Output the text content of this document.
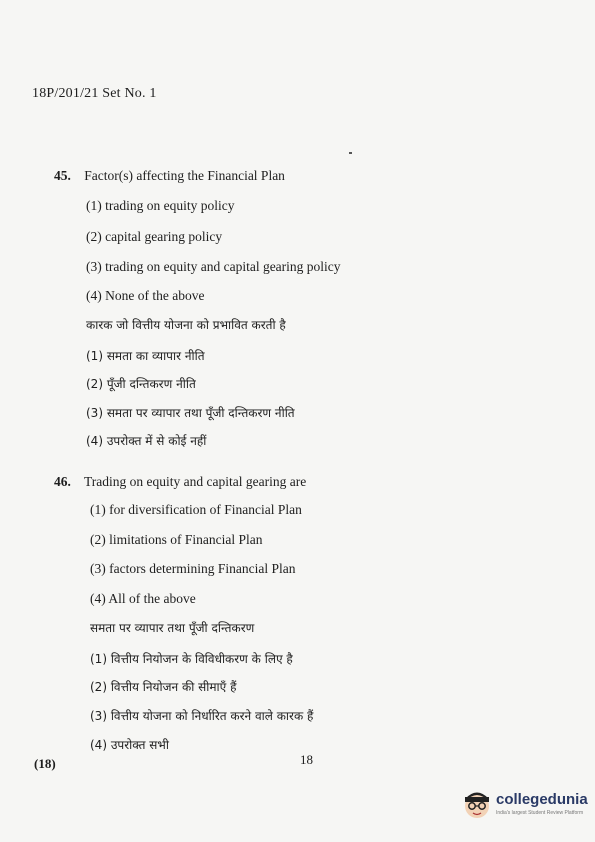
18P/201/21 Set No. 1
45. Factor(s) affecting the Financial Plan
(1) trading on equity policy
(2) capital gearing policy
(3) trading on equity and capital gearing policy
(4) None of the above
कारक जो वित्तीय योजना को प्रभावित करती है
(1) समता का व्यापार नीति
(2) पूँजी दन्तिकरण नीति
(3) समता पर व्यापार तथा पूँजी दन्तिकरण नीति
(4) उपरोक्त में से कोई नहीं
46. Trading on equity and capital gearing are
(1) for diversification of Financial Plan
(2) limitations of Financial Plan
(3) factors determining Financial Plan
(4) All of the above
समता पर व्यापार तथा पूँजी दन्तिकरण
(1) वित्तीय नियोजन के विविधीकरण के लिए है
(2) वित्तीय नियोजन की सीमाएँ हैं
(3) वित्तीय योजना को निर्धारित करने वाले कारक हैं
(4) उपरोक्त सभी
(18)	18
collegedunia
India's largest Student Review Platform
